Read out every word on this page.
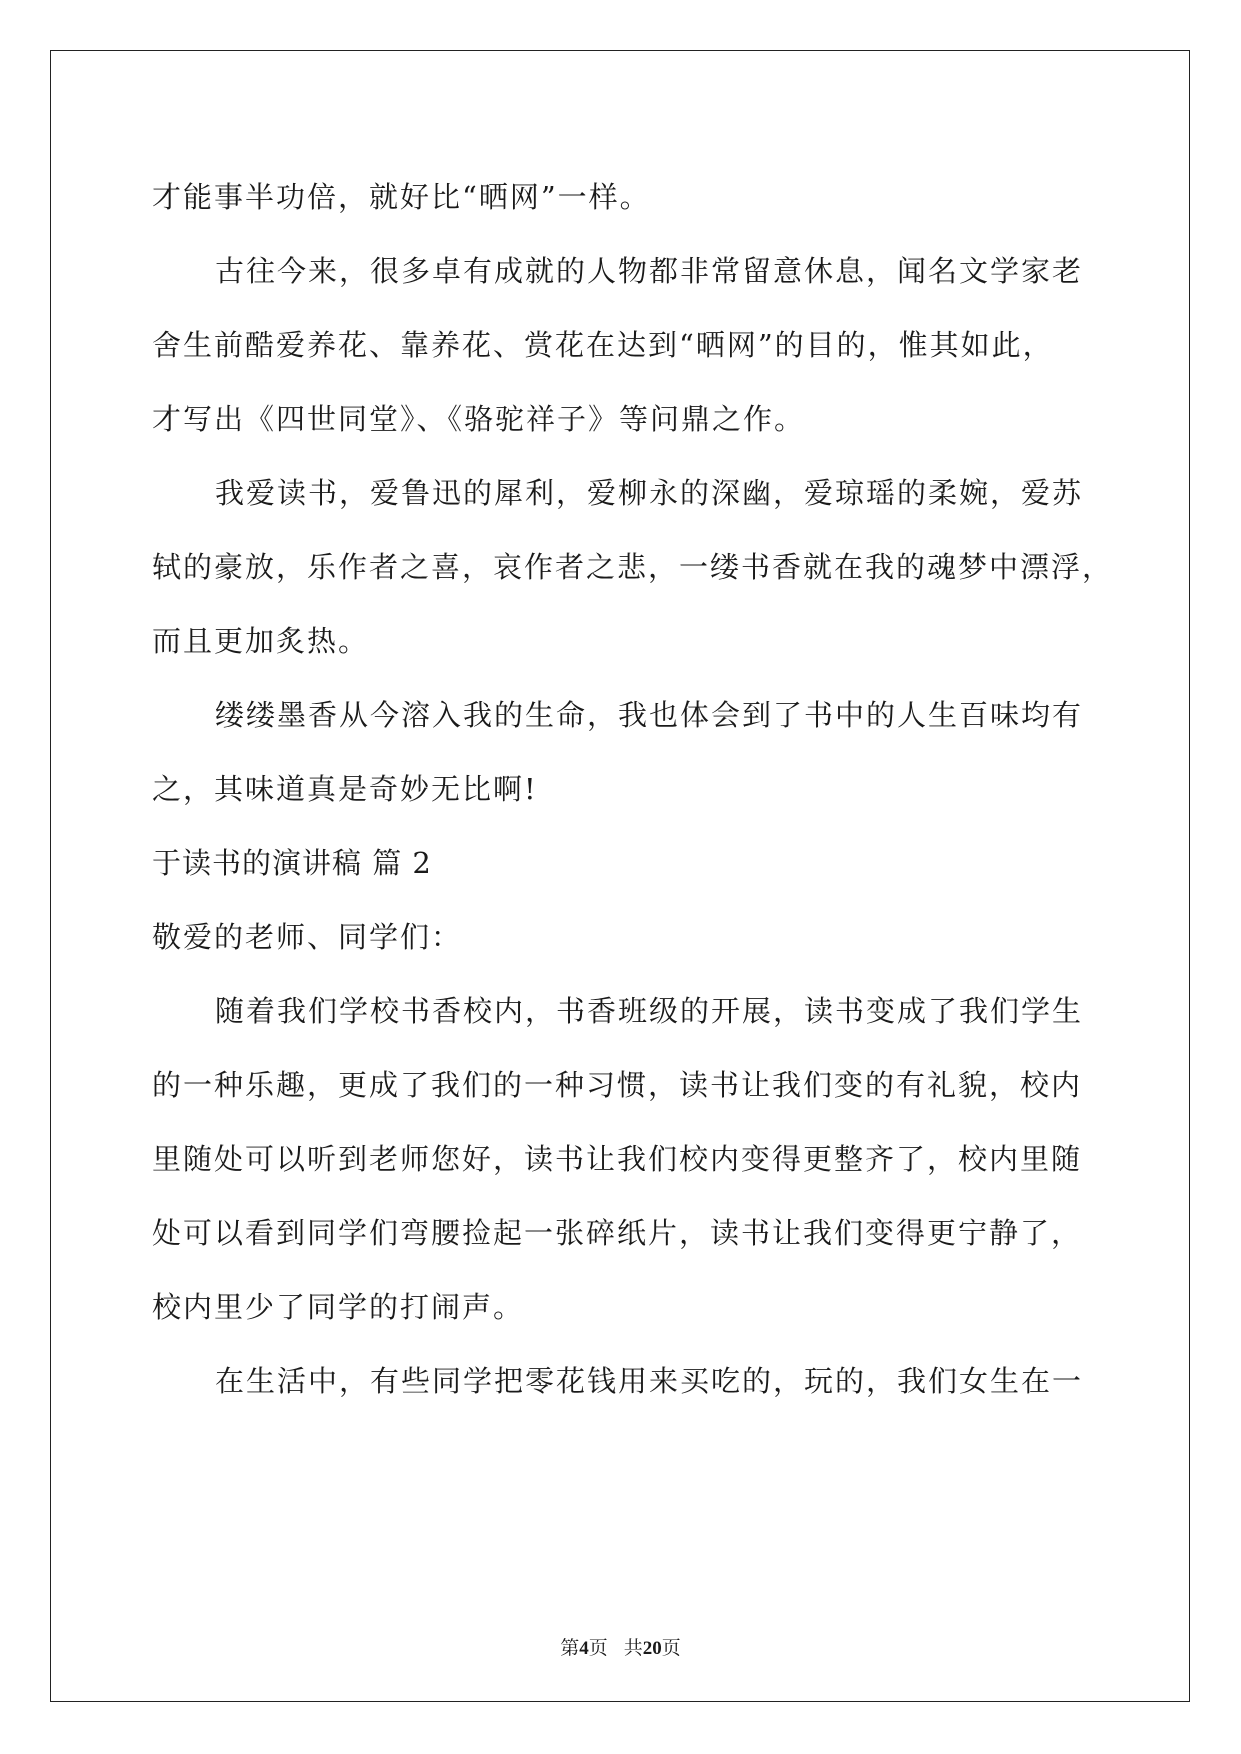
才能事半功倍，就好比“晒网”一样。
古往今来，很多卓有成就的人物都非常留意休息，闻名文学家老
舍生前酷爱养花、靠养花、赏花在达到“晒网”的目的，惟其如此，
才写出《四世同堂》、《骆驼祥子》等问鼎之作。
我爱读书，爱鲁迅的犀利，爱柳永的深幽，爱琼瑶的柔婉，爱苏
轼的豪放，乐作者之喜，哀作者之悲，一缕书香就在我的魂梦中漂浮，
而且更加炙热。
缕缕墨香从今溶入我的生命，我也体会到了书中的人生百味均有
之，其味道真是奇妙无比啊!
于读书的演讲稿 篇 2
敬爱的老师、同学们：
随着我们学校书香校内，书香班级的开展，读书变成了我们学生
的一种乐趣，更成了我们的一种习惯，读书让我们变的有礼貌，校内
里随处可以听到老师您好，读书让我们校内变得更整齐了，校内里随
处可以看到同学们弯腰捡起一张碎纸片，读书让我们变得更宁静了，
校内里少了同学的打闹声。
在生活中，有些同学把零花钱用来买吃的，玩的，我们女生在一
第4页 共20页
